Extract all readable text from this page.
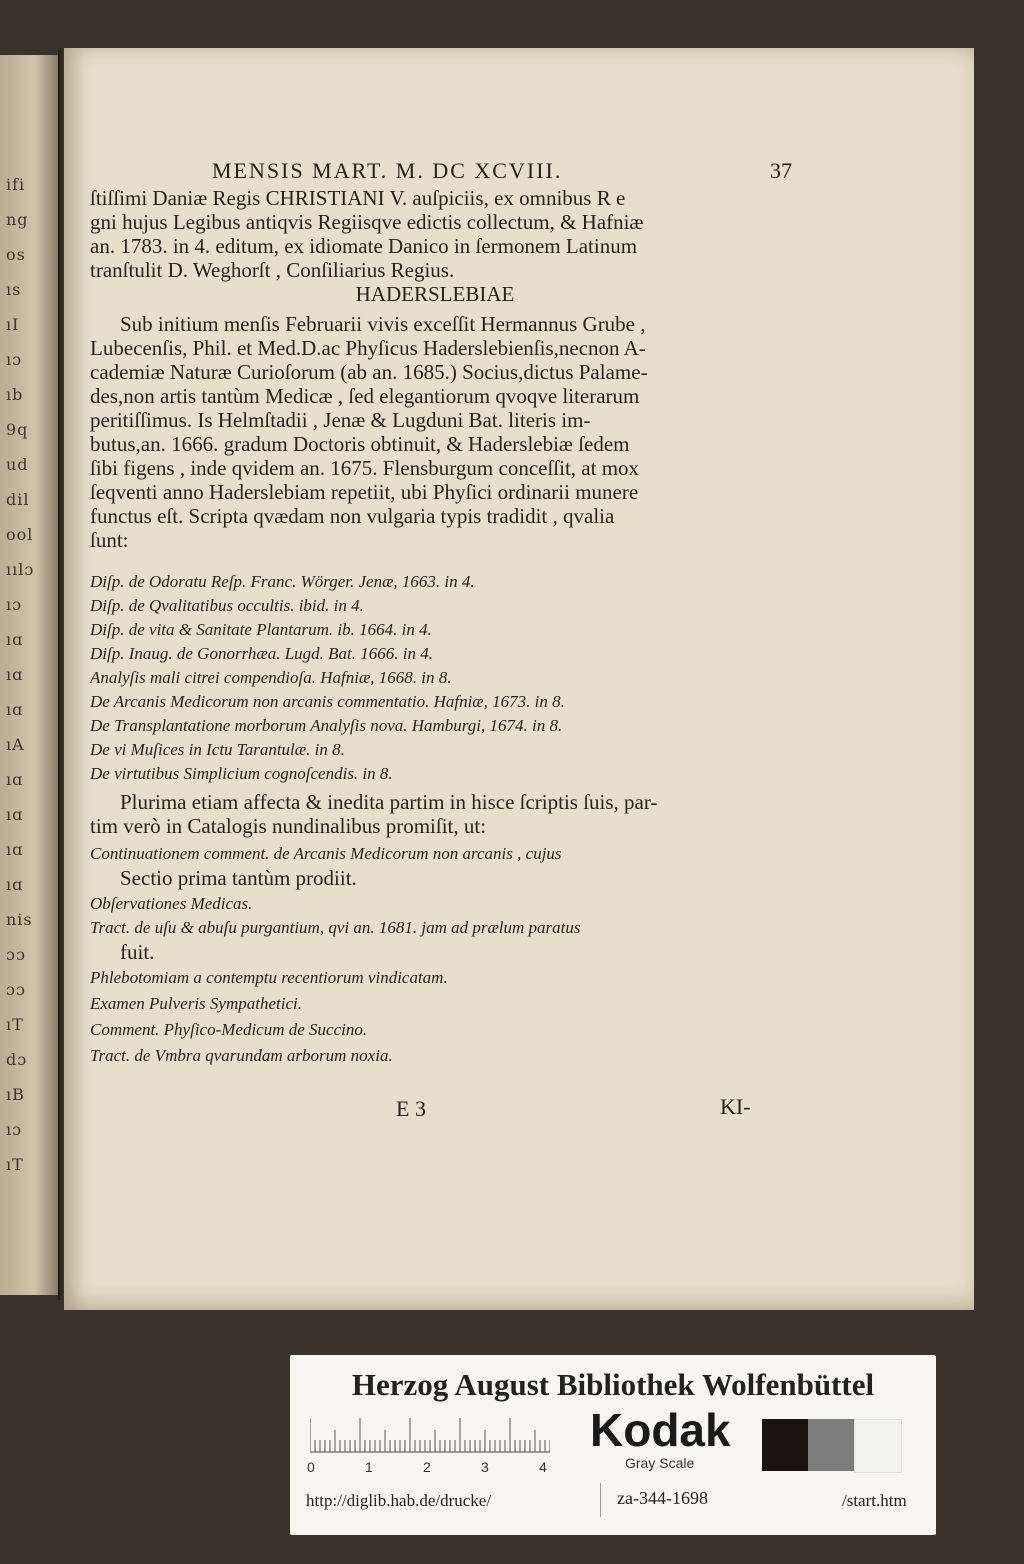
ifi
ng
os
ıs
ıI
ıɔ
ıb
9q
ud
dil
ool
ıılɔ
ıɔ
ıɑ
ıɑ
ıɑ
ıA
ıɑ
ıɑ
ıɑ
ıɑ
nis
ɔɔ
ɔɔ
ıT
dɔ
ıB
ıɔ
ıT
MENSIS MART. M. DC XCVIII.	37
ſtiſſimi Daniæ Regis CHRISTIANI V. auſpiciis, ex omnibus R e
gni hujus Legibus antiqvis Regiisqve edictis collectum, & Hafniæ
an. 1783. in 4. editum, ex idiomate Danico in ſermonem Latinum
tranſtulit D. Weghorſt , Conſiliarius Regius.
HADERSLEBIAE
Sub initium menſis Februarii vivis exceſſit Hermannus Grube ,
Lubecenſis, Phil. et Med.D.ac Phyſicus Haderslebienſis,necnon A-
cademiæ Naturæ Curioſorum (ab an. 1685.) Socius,dictus Palame-
des,non artis tantùm Medicæ , ſed elegantiorum qvoqve literarum
peritiſſimus. Is Helmſtadii , Jenæ & Lugduni Bat. literis im-
butus,an. 1666. gradum Doctoris obtinuit, & Haderslebiæ ſedem
ſibi figens , inde qvidem an. 1675. Flensburgum conceſſit, at mox
ſeqventi anno Haderslebiam repetiit, ubi Phyſici ordinarii munere
functus eſt. Scripta qvædam non vulgaria typis tradidit , qvalia
ſunt:
Diſp. de Odoratu Reſp. Franc. Wörger. Jenæ, 1663. in 4.
Diſp. de Qvalitatibus occultis. ibid. in 4.
Diſp. de vita & Sanitate Plantarum. ib. 1664. in 4.
Diſp. Inaug. de Gonorrhæa. Lugd. Bat. 1666. in 4.
Analyſis mali citrei compendioſa. Hafniæ, 1668. in 8.
De Arcanis Medicorum non arcanis commentatio. Hafniæ, 1673. in 8.
De Transplantatione morborum Analyſis nova. Hamburgi, 1674. in 8.
De vi Muſices in Ictu Tarantulæ. in 8.
De virtutibus Simplicium cognoſcendis. in 8.
Plurima etiam affecta & inedita partim in hisce ſcriptis ſuis, par-
tim verò in Catalogis nundinalibus promiſit, ut:
Continuationem comment. de Arcanis Medicorum non arcanis , cujus
Sectio prima tantùm prodiit.
Obſervationes Medicas.
Tract. de uſu & abuſu purgantium, qvi an. 1681. jam ad prælum paratus
fuit.
Phlebotomiam a contemptu recentiorum vindicatam.
Examen Pulveris Sympathetici.
Comment. Phyſico-Medicum de Succino.
Tract. de Vmbra qvarundam arborum noxia.
E 3	KI-
Herzog August Bibliothek Wolfenbüttel
0	1	2	3	4
Kodak
Gray Scale
http://diglib.hab.de/drucke/	za-344-1698	/start.htm
